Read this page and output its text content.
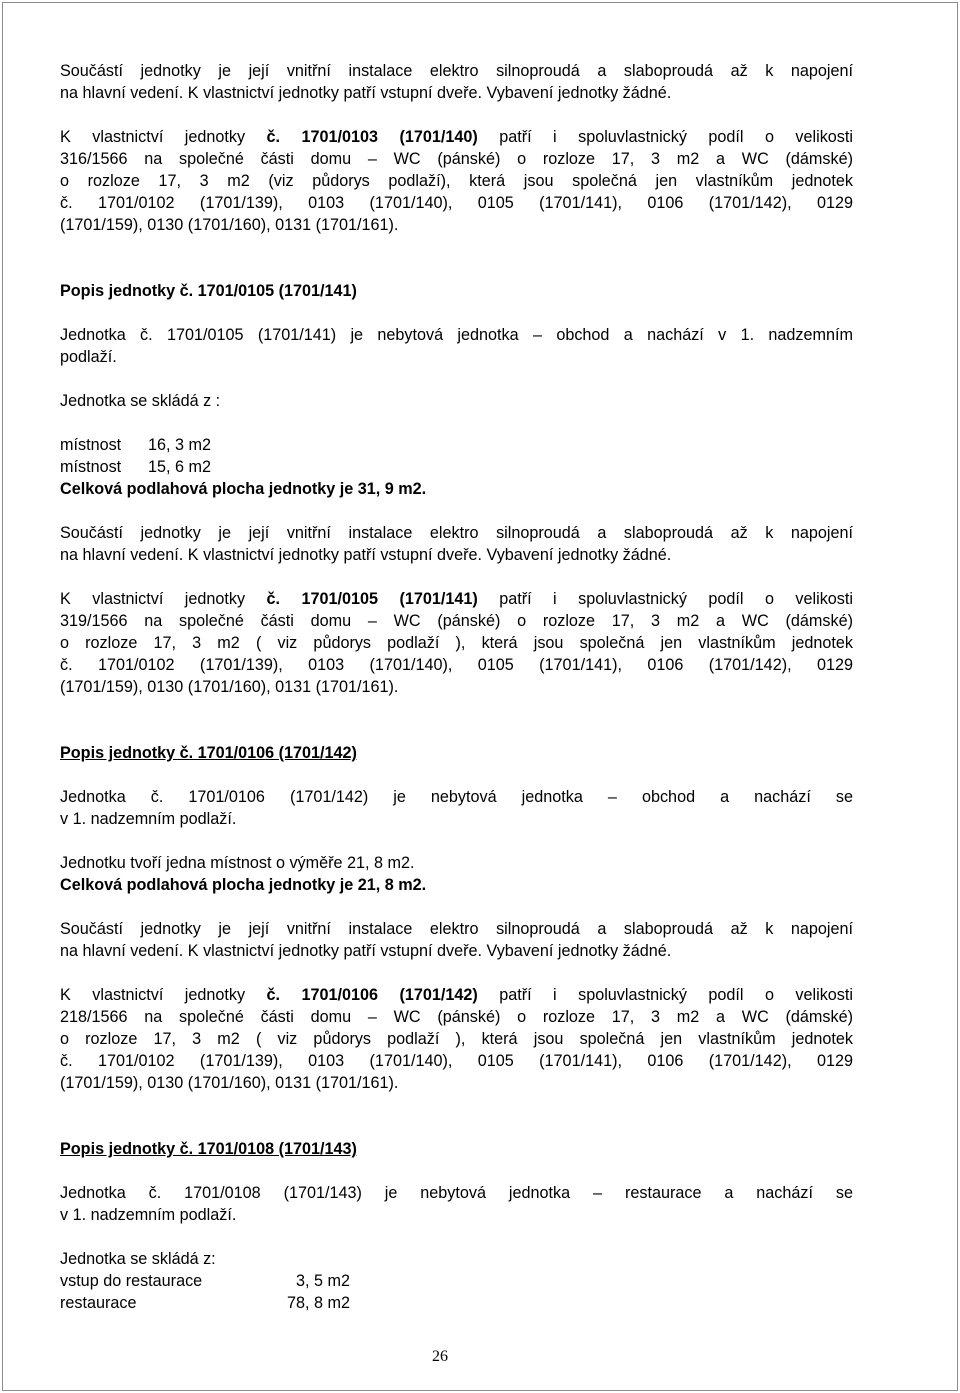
Součástí jednotky je její vnitřní instalace elektro silnoproudá a slaboproudá až k napojení

na hlavní vedení. K vlastnictví jednotky patří vstupní dveře. Vybavení jednotky žádné.

K vlastnictví jednotky č. 1701/0103 (1701/140) patří i spoluvlastnický podíl o velikosti

316/1566 na společné části domu – WC (pánské) o rozloze 17, 3 m2 a WC (dámské)

o rozloze 17, 3 m2 (viz půdorys podlaží), která jsou společná jen vlastníkům jednotek

č. 1701/0102 (1701/139), 0103 (1701/140), 0105 (1701/141), 0106 (1701/142), 0129

(1701/159), 0130 (1701/160), 0131 (1701/161).

Popis jednotky č. 1701/0105 (1701/141)

Jednotka č. 1701/0105 (1701/141) je nebytová jednotka – obchod a nachází v 1. nadzemním

podlaží.

Jednotka se skládá z :

místnost	16, 3 m2
místnost	15, 6 m2

Celková podlahová plocha jednotky je 31, 9 m2.

Součástí jednotky je její vnitřní instalace elektro silnoproudá a slaboproudá až k napojení

na hlavní vedení. K vlastnictví jednotky patří vstupní dveře. Vybavení jednotky žádné.

K vlastnictví jednotky č. 1701/0105 (1701/141) patří i spoluvlastnický podíl o velikosti

319/1566 na společné části domu – WC (pánské) o rozloze 17, 3 m2 a WC (dámské)

o rozloze 17, 3 m2 ( viz půdorys podlaží ), která jsou společná jen vlastníkům jednotek

č. 1701/0102 (1701/139), 0103 (1701/140), 0105 (1701/141), 0106 (1701/142), 0129

(1701/159), 0130 (1701/160), 0131 (1701/161).

Popis jednotky č. 1701/0106 (1701/142)

Jednotka č. 1701/0106 (1701/142) je nebytová jednotka – obchod a nachází se

v 1. nadzemním podlaží.

Jednotku tvoří jedna místnost o výměře 21, 8 m2.

Celková podlahová plocha jednotky je 21, 8 m2.

Součástí jednotky je její vnitřní instalace elektro silnoproudá a slaboproudá až k napojení

na hlavní vedení. K vlastnictví jednotky patří vstupní dveře. Vybavení jednotky žádné.

K vlastnictví jednotky č. 1701/0106 (1701/142) patří i spoluvlastnický podíl o velikosti

218/1566 na společné části domu – WC (pánské) o rozloze 17, 3 m2 a WC (dámské)

o rozloze 17, 3 m2 ( viz půdorys podlaží ), která jsou společná jen vlastníkům jednotek

č. 1701/0102 (1701/139), 0103 (1701/140), 0105 (1701/141), 0106 (1701/142), 0129

(1701/159), 0130 (1701/160), 0131 (1701/161).

Popis jednotky č. 1701/0108 (1701/143)

Jednotka č. 1701/0108 (1701/143) je nebytová jednotka – restaurace a nachází se

v 1. nadzemním podlaží.

Jednotka se skládá z:

vstup do restaurace	3, 5 m2
restaurace	78, 8 m2
26
